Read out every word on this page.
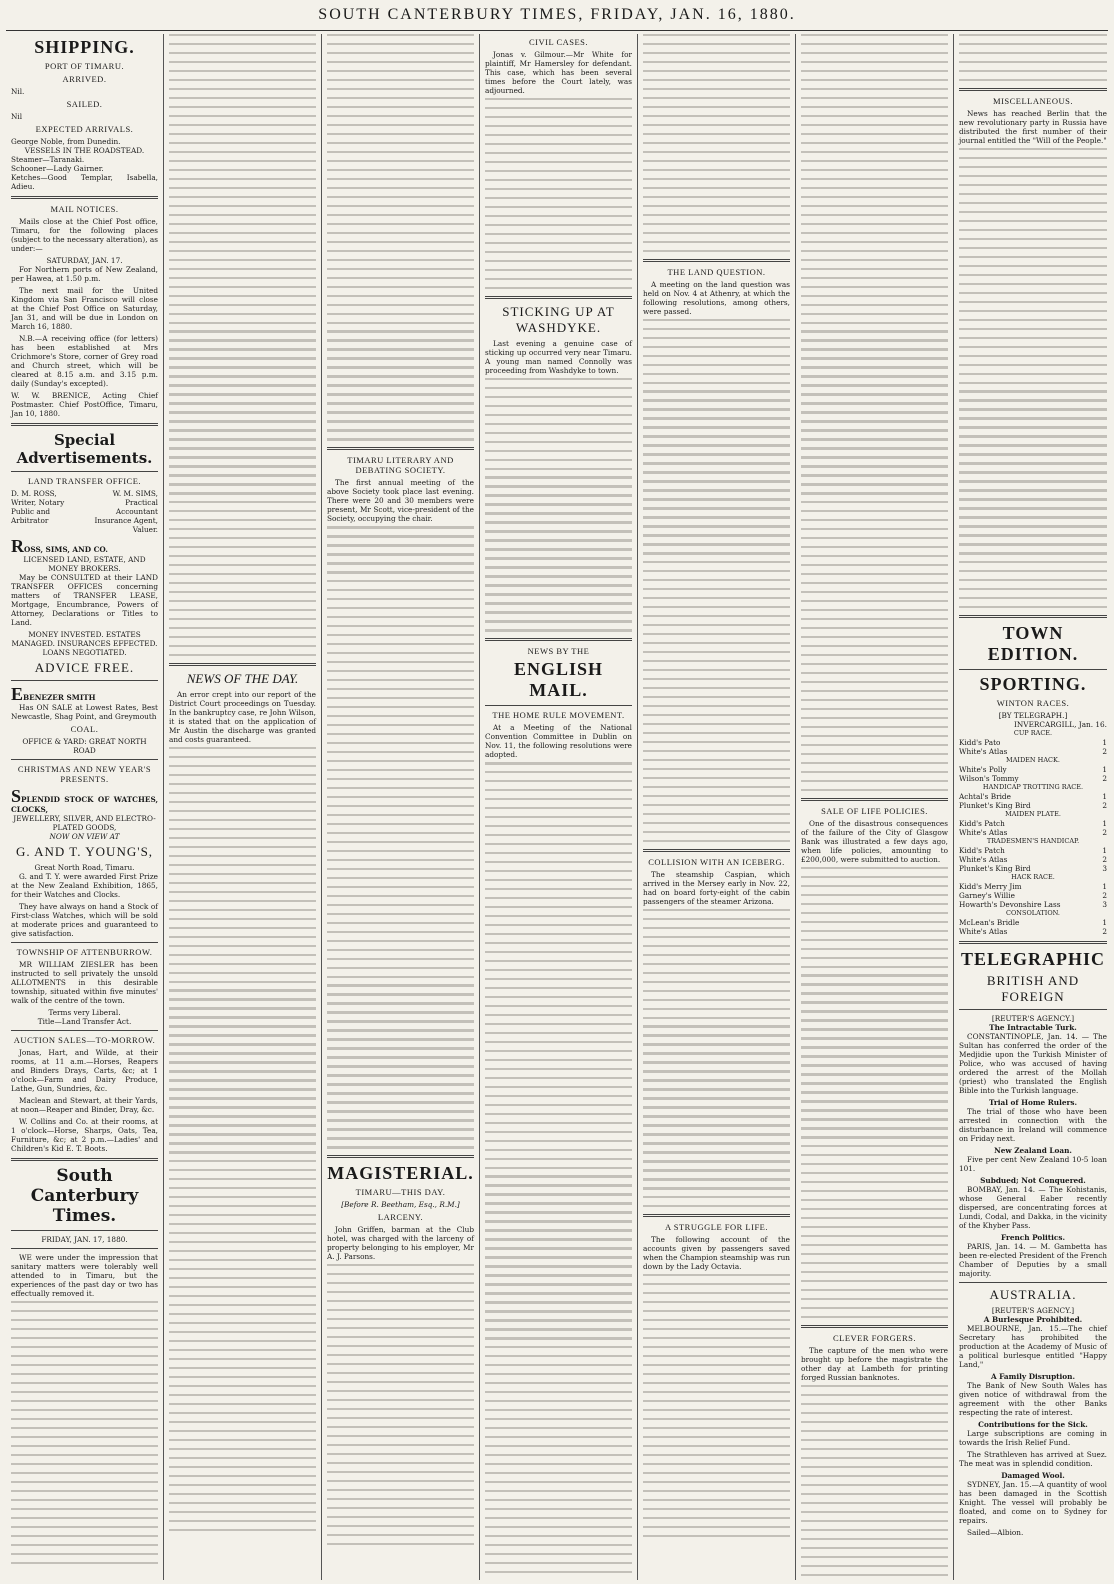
SOUTH CANTERBURY TIMES, FRIDAY, JAN. 16, 1880.
SHIPPING.
PORT OF TIMARU.
ARRIVED.

Nil.

SAILED.

Nil

EXPECTED ARRIVALS.

George Noble, from Dunedin.

VESSELS IN THE ROADSTEAD.

Steamer—Taranaki.

Schooner—Lady Gairner.

Ketches—Good Templar, Isabella, Adieu.

MAIL NOTICES.

Mails close at the Chief Post office, Timaru, for the following places (subject to the necessary alteration), as under:—

SATURDAY, JAN. 17.

For Northern ports of New Zealand, per Hawea, at 1.50 p.m.

The next mail for the United Kingdom via San Francisco will close at the Chief Post Office on Saturday, Jan 31, and will be due in London on March 16, 1880.

N.B.—A receiving office (for letters) has been established at Mrs Crichmore's Store, corner of Grey road and Church street, which will be cleared at 8.15 a.m. and 3.15 p.m. daily (Sunday's excepted).

W. W. BRENICE, Acting Chief Postmaster. Chief PostOffice, Timaru, Jan 10, 1880.

Special Advertisements.
LAND TRANSFER OFFICE.
D. M. ROSS, Writer, Notary Public and Arbitrator
W. M. SIMS, Practical Accountant Insurance Agent, Valuer.

ROSS, SIMS, AND CO.

LICENSED LAND, ESTATE, AND MONEY BROKERS.

May be CONSULTED at their LAND TRANSFER OFFICES concerning matters of TRANSFER LEASE, Mortgage, Encumbrance, Powers of Attorney, Declarations or Titles to Land.

MONEY INVESTED. ESTATES MANAGED. INSURANCES EFFECTED. LOANS NEGOTIATED.

ADVICE FREE.

EBENEZER SMITH

Has ON SALE at Lowest Rates, Best Newcastle, Shag Point, and Greymouth

COAL.

OFFICE & YARD: GREAT NORTH ROAD

CHRISTMAS AND NEW YEAR'S PRESENTS.

SPLENDID STOCK OF WATCHES, CLOCKS,

JEWELLERY, SILVER, AND ELECTRO-PLATED GOODS,

NOW ON VIEW AT

G. AND T. YOUNG'S,

Great North Road, Timaru.

G. and T. Y. were awarded First Prize at the New Zealand Exhibition, 1865, for their Watches and Clocks.

They have always on hand a Stock of First-class Watches, which will be sold at moderate prices and guaranteed to give satisfaction.

TOWNSHIP OF ATTENBURROW.

MR WILLIAM ZIESLER has been instructed to sell privately the unsold ALLOTMENTS in this desirable township, situated within five minutes' walk of the centre of the town.

Terms very Liberal.

Title—Land Transfer Act.

AUCTION SALES—TO-MORROW.

Jonas, Hart, and Wilde, at their rooms, at 11 a.m.—Horses, Reapers and Binders Drays, Carts, &c; at 1 o'clock—Farm and Dairy Produce, Lathe, Gun, Sundries, &c.

Maclean and Stewart, at their Yards, at noon—Reaper and Binder, Dray, &c.

W. Collins and Co. at their rooms, at 1 o'clock—Horse, Sharps, Oats, Tea, Furniture, &c; at 2 p.m.—Ladies' and Children's Kid E. T. Boots.

South Canterbury Times.

FRIDAY, JAN. 17, 1880.

WE were under the impression that sanitary matters were tolerably well attended to in Timaru, but the experiences of the past day or two has effectually removed it.

NEWS OF THE DAY.

An error crept into our report of the District Court proceedings on Tuesday. In the bankruptcy case, re John Wilson, it is stated that on the application of Mr Austin the discharge was granted and costs guaranteed.

TIMARU LITERARY AND DEBATING SOCIETY.

The first annual meeting of the above Society took place last evening. There were 20 and 30 members were present, Mr Scott, vice-president of the Society, occupying the chair.

MAGISTERIAL.
TIMARU—THIS DAY.

[Before R. Beetham, Esq., R.M.]

LARCENY.

John Griffen, barman at the Club hotel, was charged with the larceny of property belonging to his employer, Mr A. J. Parsons.

CIVIL CASES.

Jonas v. Gilmour.—Mr White for plaintiff, Mr Hamersley for defendant. This case, which has been several times before the Court lately, was adjourned.

STICKING UP AT WASHDYKE.

Last evening a genuine case of sticking up occurred very near Timaru. A young man named Connolly was proceeding from Washdyke to town.

NEWS BY THE
ENGLISH MAIL.
THE HOME RULE MOVEMENT.

At a Meeting of the National Convention Committee in Dublin on Nov. 11, the following resolutions were adopted.

THE LAND QUESTION.

A meeting on the land question was held on Nov. 4 at Athenry, at which the following resolutions, among others, were passed.

COLLISION WITH AN ICEBERG.

The steamship Caspian, which arrived in the Mersey early in Nov. 22, had on board forty-eight of the cabin passengers of the steamer Arizona.

A STRUGGLE FOR LIFE.

The following account of the accounts given by passengers saved when the Champion steamship was run down by the Lady Octavia.

SALE OF LIFE POLICIES.

One of the disastrous consequences of the failure of the City of Glasgow Bank was illustrated a few days ago, when life policies, amounting to £200,000, were submitted to auction.

CLEVER FORGERS.

The capture of the men who were brought up before the magistrate the other day at Lambeth for printing forged Russian banknotes.

MISCELLANEOUS.

News has reached Berlin that the new revolutionary party in Russia have distributed the first number of their journal entitled the "Will of the People."

TOWN EDITION.
SPORTING.
WINTON RACES.

[BY TELEGRAPH.]

INVERCARGILL, Jan. 16.

CUP RACE.

Kidd's Pato	1
White's Atlas	2

MAIDEN HACK.

White's Polly	1
Wilson's Tommy	2

HANDICAP TROTTING RACE.

Achtal's Bride	1
Plunket's King Bird	2

MAIDEN PLATE.

Kidd's Patch	1
White's Atlas	2

TRADESMEN'S HANDICAP.

Kidd's Patch	1
White's Atlas	2
Plunket's King Bird	3

HACK RACE.

Kidd's Merry Jim	1
Garney's Willie	2
Howarth's Devonshire Lass	3

CONSOLATION.

McLean's Bridle	1
White's Atlas	2
TELEGRAPHIC
BRITISH AND FOREIGN

[REUTER'S AGENCY.]

The Intractable Turk.

CONSTANTINOPLE, Jan. 14. — The Sultan has conferred the order of the Medjidie upon the Turkish Minister of Police, who was accused of having ordered the arrest of the Mollah (priest) who translated the English Bible into the Turkish language.

Trial of Home Rulers.

The trial of those who have been arrested in connection with the disturbance in Ireland will commence on Friday next.

New Zealand Loan.

Five per cent New Zealand 10-5 loan 101.

Subdued; Not Conquered.

BOMBAY, Jan. 14. — The Kohistanis, whose General Eaber recently dispersed, are concentrating forces at Lundi, Codal, and Dakka, in the vicinity of the Khyber Pass.

French Politics.

PARIS, Jan. 14. — M. Gambetta has been re-elected President of the French Chamber of Deputies by a small majority.

AUSTRALIA.

[REUTER'S AGENCY.]

A Burlesque Prohibited.

MELBOURNE, Jan. 15.—The chief Secretary has prohibited the production at the Academy of Music of a political burlesque entitled "Happy Land,"

A Family Disruption.

The Bank of New South Wales has given notice of withdrawal from the agreement with the other Banks respecting the rate of interest.

Contributions for the Sick.

Large subscriptions are coming in towards the Irish Relief Fund.

The Strathleven has arrived at Suez. The meat was in splendid condition.

Damaged Wool.

SYDNEY, Jan. 15.—A quantity of wool has been damaged in the Scottish Knight. The vessel will probably be floated, and come on to Sydney for repairs.

Sailed—Albion.
